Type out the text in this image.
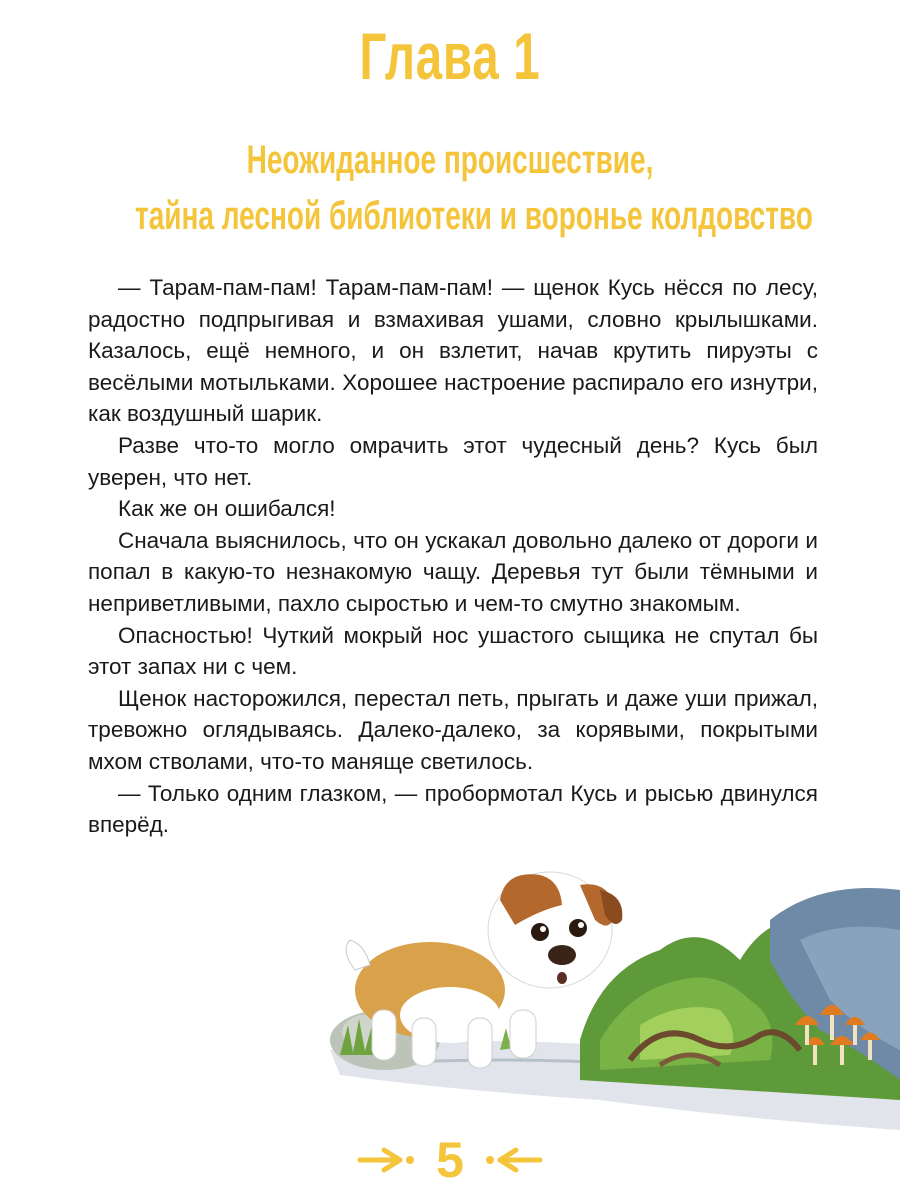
Глава 1
Неожиданное происшествие,
тайна лесной библиотеки и воронье колдовство

— Тарам-пам-пам! Тарам-пам-пам! — щенок Кусь нёсся по лесу, радостно подпрыгивая и взмахивая ушами, словно крылышками. Казалось, ещё немного, и он взлетит, начав крутить пируэты с весёлыми мотыльками. Хорошее настроение распирало его изнутри, как воздушный шарик.

Разве что-то могло омрачить этот чудесный день? Кусь был уверен, что нет.

Как же он ошибался!

Сначала выяснилось, что он ускакал довольно далеко от дороги и попал в какую-то незнакомую чащу. Деревья тут были тёмными и неприветливыми, пахло сыростью и чем-то смутно знакомым.

Опасностью! Чуткий мокрый нос ушастого сыщика не спутал бы этот запах ни с чем.

Щенок насторожился, перестал петь, прыгать и даже уши прижал, тревожно оглядываясь. Далеко-далеко, за корявыми, покрытыми мхом стволами, что-то маняще светилось.

— Только одним глазком, — пробормотал Кусь и рысью двинулся вперёд.

5
